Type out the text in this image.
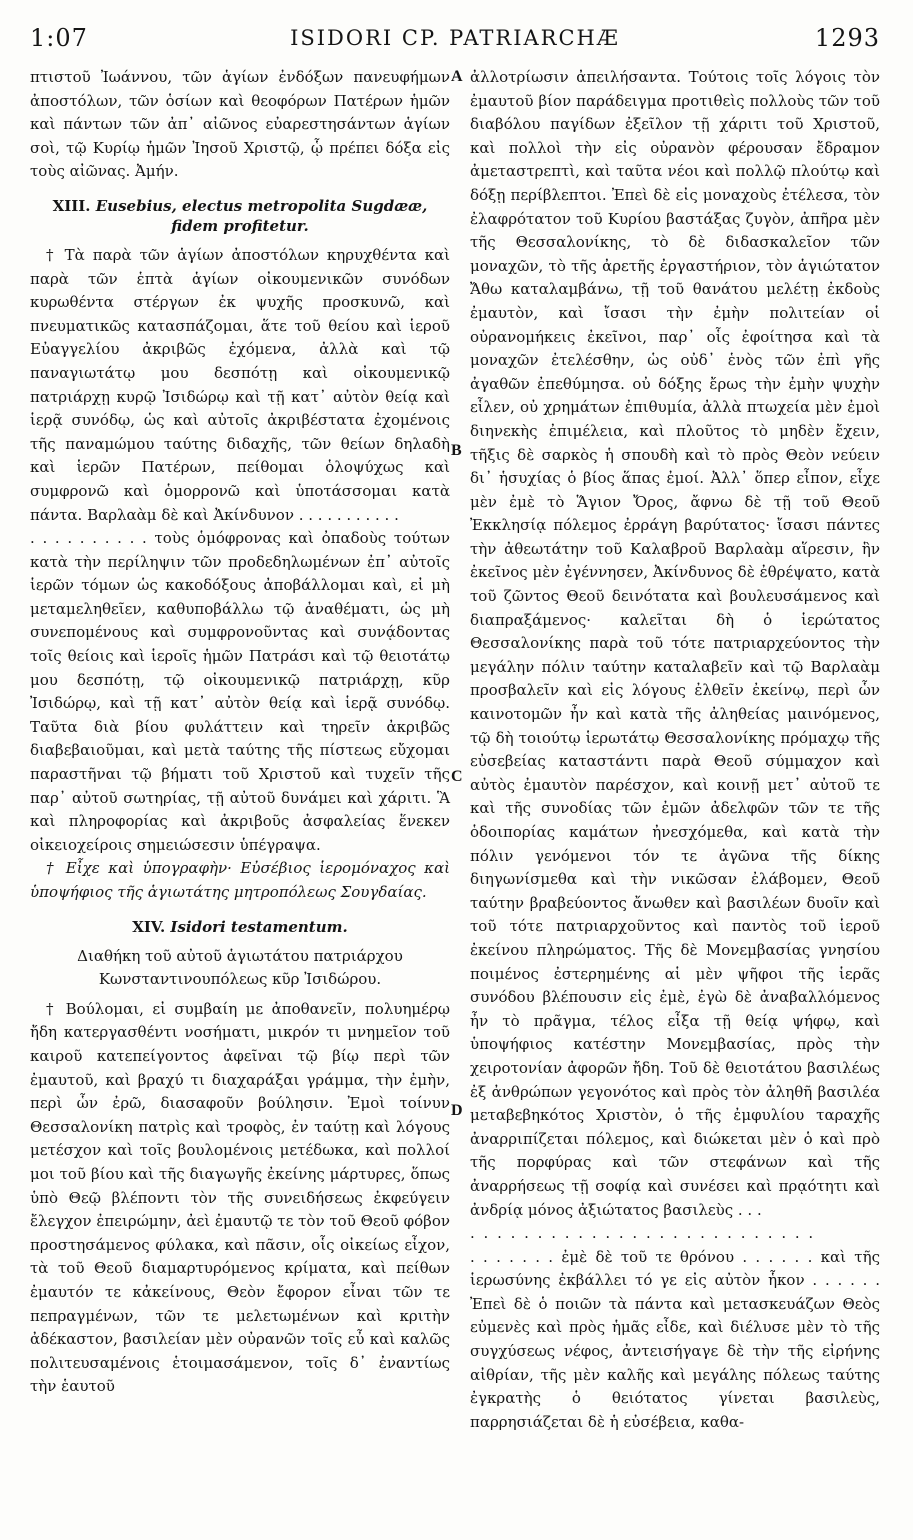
1:07	ISIDORI CP. PATRIARCHÆ	1293
A
B
C
D

πτιστοῦ Ἰωάννου, τῶν ἁγίων ἐνδόξων πανευφήμων ἀποστόλων, τῶν ὁσίων καὶ θεοφόρων Πατέρων ἡμῶν καὶ πάντων τῶν ἀπ᾽ αἰῶνος εὐαρεστησάντων ἁγίων σοὶ, τῷ Κυρίῳ ἡμῶν Ἰησοῦ Χριστῷ, ᾧ πρέπει δόξα εἰς τοὺς αἰῶνας. Ἀμήν.

XIII. Eusebius, electus metropolita Sugdææ, fidem profitetur.

† Τὰ παρὰ τῶν ἁγίων ἀποστόλων κηρυχθέντα καὶ παρὰ τῶν ἑπτὰ ἁγίων οἰκουμενικῶν συνόδων κυρωθέντα στέργων ἐκ ψυχῆς προσκυνῶ, καὶ πνευματικῶς κατασπάζομαι, ἅτε τοῦ θείου καὶ ἱεροῦ Εὐαγγελίου ἀκριβῶς ἐχόμενα, ἀλλὰ καὶ τῷ παναγιωτάτῳ μου δεσπότῃ καὶ οἰκουμενικῷ πατριάρχῃ κυρῷ Ἰσιδώρῳ καὶ τῇ κατ᾽ αὐτὸν θείᾳ καὶ ἱερᾷ συνόδῳ, ὡς καὶ αὐτοῖς ἀκριβέστατα ἐχομένοις τῆς παναμώμου ταύτης διδαχῆς, τῶν θείων δηλαδὴ καὶ ἱερῶν Πατέρων, πείθομαι ὁλοψύχως καὶ συμφρονῶ καὶ ὁμορρονῶ καὶ ὑποτάσσομαι κατὰ πάντα. Βαρλαὰμ δὲ καὶ Ἀκίνδυνον . . . . . . . . . . .

. . . . . . . . . . τοὺς ὁμόφρονας καὶ ὀπαδοὺς τούτων κατὰ τὴν περίληψιν τῶν προδεδηλωμένων ἐπ᾽ αὐτοῖς ἱερῶν τόμων ὡς κακοδόξους ἀποβάλλομαι καὶ, εἰ μὴ μεταμεληθεῖεν, καθυποβάλλω τῷ ἀναθέματι, ὡς μὴ συνεπομένους καὶ συμφρονοῦντας καὶ συνᾴδοντας τοῖς θείοις καὶ ἱεροῖς ἡμῶν Πατράσι καὶ τῷ θειοτάτῳ μου δεσπότῃ, τῷ οἰκουμενικῷ πατριάρχῃ, κῦρ Ἰσιδώρῳ, καὶ τῇ κατ᾽ αὐτὸν θείᾳ καὶ ἱερᾷ συνόδῳ. Ταῦτα διὰ βίου φυλάττειν καὶ τηρεῖν ἀκριβῶς διαβεβαιοῦμαι, καὶ μετὰ ταύτης τῆς πίστεως εὔχομαι παραστῆναι τῷ βήματι τοῦ Χριστοῦ καὶ τυχεῖν τῆς παρ᾽ αὐτοῦ σωτηρίας, τῇ αὐτοῦ δυνάμει καὶ χάριτι. Ἃ καὶ πληροφορίας καὶ ἀκριβοῦς ἀσφαλείας ἕνεκεν οἰκειοχείροις σημειώσεσιν ὑπέγραψα.

† Εἶχε καὶ ὑπογραφὴν· Εὐσέβιος ἱερομόναχος καὶ ὑποψήφιος τῆς ἁγιωτάτης μητροπόλεως Σουγδαίας.

XIV. Isidori testamentum.

Διαθήκη τοῦ αὐτοῦ ἁγιωτάτου πατριάρχου Κωνσταντινουπόλεως κῦρ Ἰσιδώρου.

† Βούλομαι, εἰ συμβαίη με ἀποθανεῖν, πολυημέρῳ ἤδη κατεργασθέντι νοσήματι, μικρόν τι μνημεῖον τοῦ καιροῦ κατεπείγοντος ἀφεῖναι τῷ βίῳ περὶ τῶν ἐμαυτοῦ, καὶ βραχύ τι διαχαράξαι γράμμα, τὴν ἐμὴν, περὶ ὧν ἐρῶ, διασαφοῦν βούλησιν. Ἐμοὶ τοίνυν Θεσσαλονίκη πατρὶς καὶ τροφὸς, ἐν ταύτῃ καὶ λόγους μετέσχον καὶ τοῖς βουλομένοις μετέδωκα, καὶ πολλοί μοι τοῦ βίου καὶ τῆς διαγωγῆς ἐκείνης μάρτυρες, ὅπως ὑπὸ Θεῷ βλέποντι τὸν τῆς συνειδήσεως ἐκφεύγειν ἔλεγχον ἐπειρώμην, ἀεὶ ἐμαυτῷ τε τὸν τοῦ Θεοῦ φόβον προστησάμενος φύλακα, καὶ πᾶσιν, οἷς οἰκείως εἶχον, τὰ τοῦ Θεοῦ διαμαρτυρόμενος κρίματα, καὶ πείθων ἐμαυτόν τε κἀκείνους, Θεὸν ἔφορον εἶναι τῶν τε πεπραγμένων, τῶν τε μελετωμένων καὶ κριτὴν ἀδέκαστον, βασιλείαν μὲν οὐρανῶν τοῖς εὖ καὶ καλῶς πολιτευσαμένοις ἑτοιμασάμενον, τοῖς δ᾽ ἐναντίως τὴν ἑαυτοῦ

ἀλλοτρίωσιν ἀπειλήσαντα. Τούτοις τοῖς λόγοις τὸν ἐμαυτοῦ βίον παράδειγμα προτιθεὶς πολλοὺς τῶν τοῦ διαβόλου παγίδων ἐξεῖλον τῇ χάριτι τοῦ Χριστοῦ, καὶ πολλοὶ τὴν εἰς οὐρανὸν φέρουσαν ἔδραμον ἀμεταστρεπτὶ, καὶ ταῦτα νέοι καὶ πολλῷ πλούτῳ καὶ δόξῃ περίβλεπτοι. Ἐπεὶ δὲ εἰς μοναχοὺς ἐτέλεσα, τὸν ἐλαφρότατον τοῦ Κυρίου βαστάξας ζυγὸν, ἀπῆρα μὲν τῆς Θεσσαλονίκης, τὸ δὲ διδασκαλεῖον τῶν μοναχῶν, τὸ τῆς ἀρετῆς ἐργαστήριον, τὸν ἁγιώτατον Ἄθω καταλαμβάνω, τῇ τοῦ θανάτου μελέτῃ ἐκδοὺς ἐμαυτὸν, καὶ ἴσασι τὴν ἐμὴν πολιτείαν οἱ οὐρανομήκεις ἐκεῖνοι, παρ᾽ οἷς ἐφοίτησα καὶ τὰ μοναχῶν ἐτελέσθην, ὡς οὐδ᾽ ἑνὸς τῶν ἐπὶ γῆς ἀγαθῶν ἐπεθύμησα. οὐ δόξης ἔρως τὴν ἐμὴν ψυχὴν εἷλεν, οὐ χρημάτων ἐπιθυμία, ἀλλὰ πτωχεία μὲν ἐμοὶ διηνεκὴς ἐπιμέλεια, καὶ πλοῦτος τὸ μηδὲν ἔχειν, τῆξις δὲ σαρκὸς ἡ σπουδὴ καὶ τὸ πρὸς Θεὸν νεύειν δι᾽ ἡσυχίας ὁ βίος ἅπας ἐμοί. Ἀλλ᾽ ὅπερ εἶπον, εἶχε μὲν ἐμὲ τὸ Ἅγιον Ὄρος, ἄφνω δὲ τῇ τοῦ Θεοῦ Ἐκκλησίᾳ πόλεμος ἐρράγη βαρύτατος· ἴσασι πάντες τὴν ἀθεωτάτην τοῦ Καλαβροῦ Βαρλαὰμ αἵρεσιν, ἣν ἐκεῖνος μὲν ἐγέννησεν, Ἀκίνδυνος δὲ ἐθρέψατο, κατὰ τοῦ ζῶντος Θεοῦ δεινότατα καὶ βουλευσάμενος καὶ διαπραξάμενος· καλεῖται δὴ ὁ ἱερώτατος Θεσσαλονίκης παρὰ τοῦ τότε πατριαρχεύοντος τὴν μεγάλην πόλιν ταύτην καταλαβεῖν καὶ τῷ Βαρλαὰμ προσβαλεῖν καὶ εἰς λόγους ἐλθεῖν ἐκείνῳ, περὶ ὧν καινοτομῶν ἦν καὶ κατὰ τῆς ἀληθείας μαινόμενος, τῷ δὴ τοιούτῳ ἱερωτάτῳ Θεσσαλονίκης πρόμαχῳ τῆς εὐσεβείας καταστάντι παρὰ Θεοῦ σύμμαχον καὶ αὐτὸς ἐμαυτὸν παρέσχον, καὶ κοινῇ μετ᾽ αὐτοῦ τε καὶ τῆς συνοδίας τῶν ἐμῶν ἀδελφῶν τῶν τε τῆς ὁδοιπορίας καμάτων ἠνεσχόμεθα, καὶ κατὰ τὴν πόλιν γενόμενοι τόν τε ἀγῶνα τῆς δίκης διηγωνίσμεθα καὶ τὴν νικῶσαν ἐλάβομεν, Θεοῦ ταύτην βραβεύοντος ἄνωθεν καὶ βασιλέων δυοῖν καὶ τοῦ τότε πατριαρχοῦντος καὶ παντὸς τοῦ ἱεροῦ ἐκείνου πληρώματος. Τῆς δὲ Μονεμβασίας γνησίου ποιμένος ἐστερημένης αἱ μὲν ψῆφοι τῆς ἱερᾶς συνόδου βλέπουσιν εἰς ἐμὲ, ἐγὼ δὲ ἀναβαλλόμενος ἦν τὸ πρᾶγμα, τέλος εἶξα τῇ θείᾳ ψήφῳ, καὶ ὑποψήφιος κατέστην Μονεμβασίας, πρὸς τὴν χειροτονίαν ἀφορῶν ἤδη. Τοῦ δὲ θειοτάτου βασιλέως ἐξ ἀνθρώπων γεγονότος καὶ πρὸς τὸν ἀληθῆ βασιλέα μεταβεβηκότος Χριστὸν, ὁ τῆς ἐμφυλίου ταραχῆς ἀναρριπίζεται πόλεμος, καὶ διώκεται μὲν ὁ καὶ πρὸ τῆς πορφύρας καὶ τῶν στεφάνων καὶ τῆς ἀναρρήσεως τῇ σοφίᾳ καὶ συνέσει καὶ πρᾳότητι καὶ ἀνδρίᾳ μόνος ἀξιώτατος βασιλεὺς . . .

. . . . . . . . . . . . . . . . . . . . . . . . . .

. . . . . . . ἐμὲ δὲ τοῦ τε θρόνου . . . . . . καὶ τῆς ἱερωσύνης ἐκβάλλει τό γε εἰς αὐτὸν ἧκον . . . . . . Ἐπεὶ δὲ ὁ ποιῶν τὰ πάντα καὶ μετασκευάζων Θεὸς εὐμενὲς καὶ πρὸς ἡμᾶς εἶδε, καὶ διέλυσε μὲν τὸ τῆς συγχύσεως νέφος, ἀντεισήγαγε δὲ τὴν τῆς εἰρήνης αἰθρίαν, τῆς μὲν καλῆς καὶ μεγάλης πόλεως ταύτης ἐγκρατὴς ὁ θειότατος γίνεται βασιλεὺς, παρρησιάζεται δὲ ἡ εὐσέβεια, καθα-
